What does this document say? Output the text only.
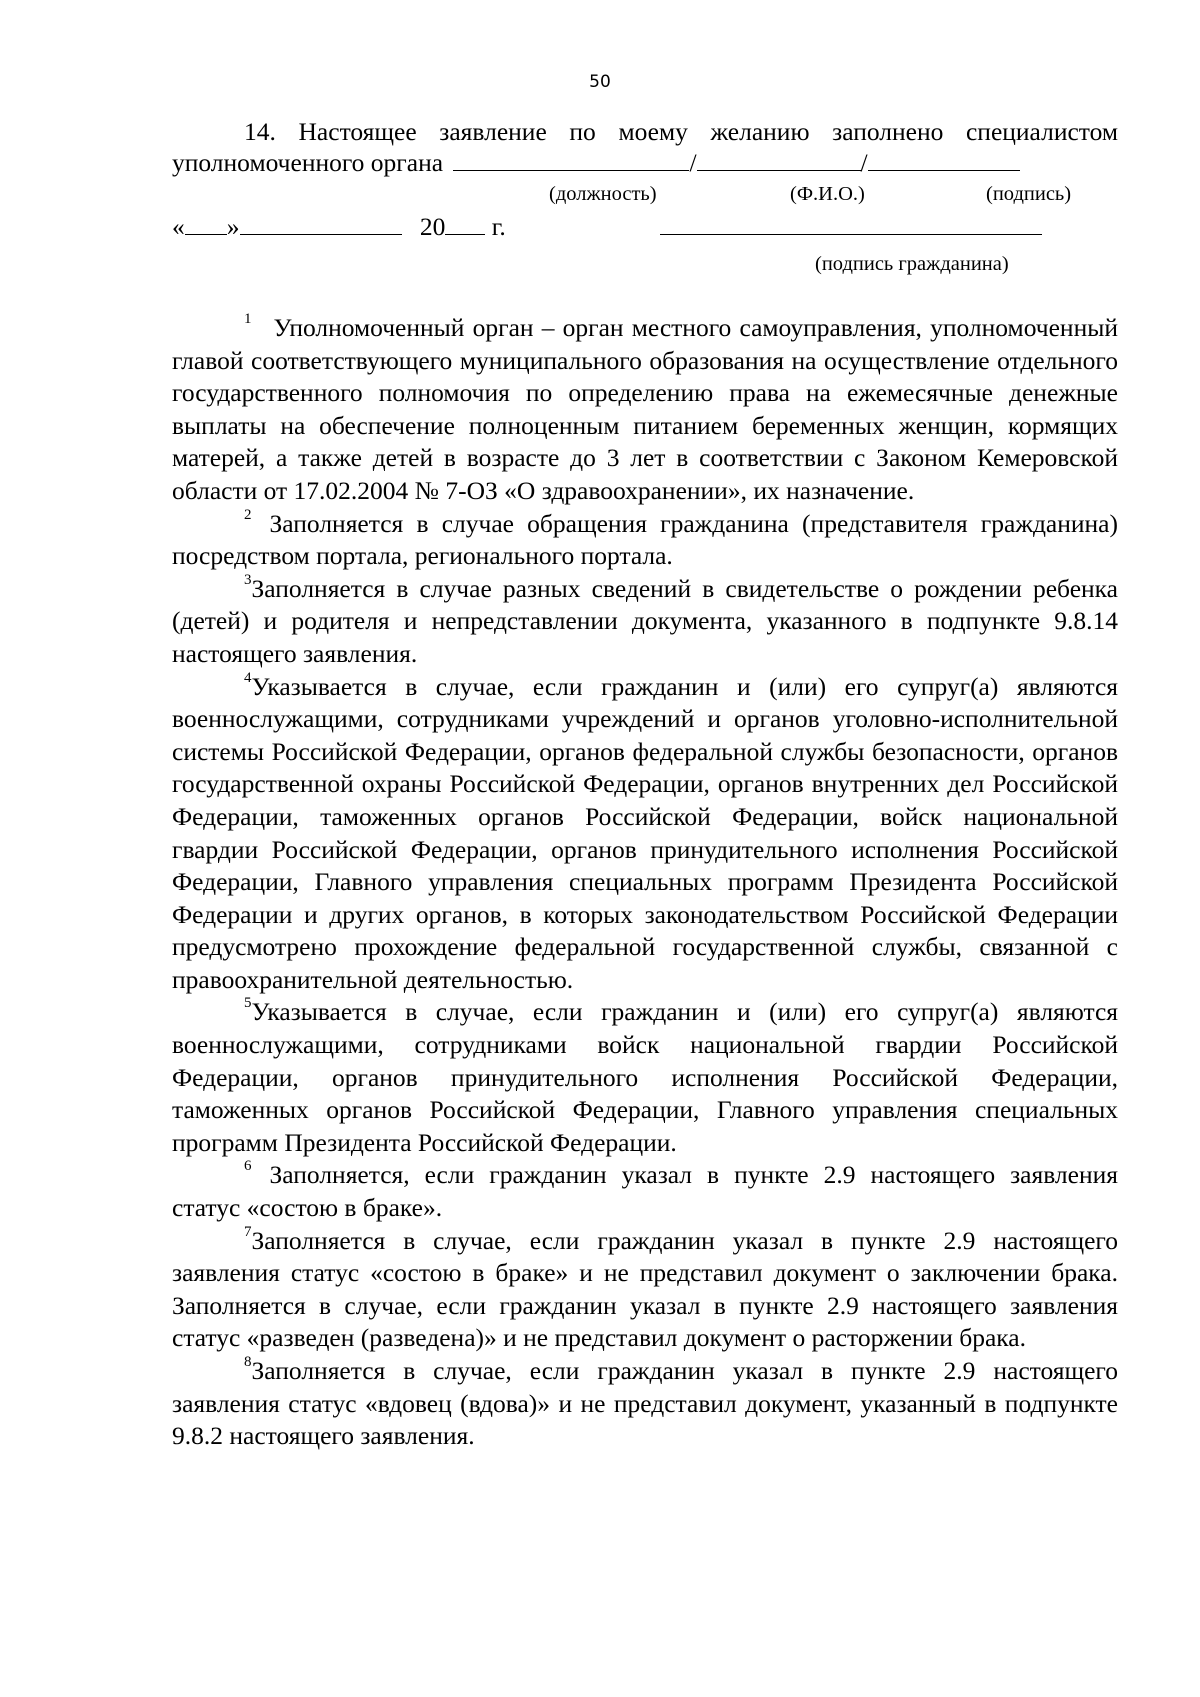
50
14. Настоящее заявление по моему желанию заполнено специалистом
уполномоченного органа	/	/
(должность)	(Ф.И.О.)	(подпись)
« »	20 г.
(подпись гражданина)

$^1$ Уполномоченный орган – орган местного самоуправления, уполномоченный главой соответствующего муниципального образования на осуществление отдельного государственного полномочия по определению права на ежемесячные денежные выплаты на обеспечение полноценным питанием беременных женщин, кормящих матерей, а также детей в возрасте до 3 лет в соответствии с Законом Кемеровской области от 17.02.2004 № 7-ОЗ «О здравоохранении», их назначение.

$^2$ Заполняется в случае обращения гражданина (представителя гражданина) посредством портала, регионального портала.

$^3$Заполняется в случае разных сведений в свидетельстве о рождении ребенка (детей) и родителя и непредставлении документа, указанного в подпункте 9.8.14 настоящего заявления.

$^4$Указывается в случае, если гражданин и (или) его супруг(а) являются военнослужащими, сотрудниками учреждений и органов уголовно-исполнительной системы Российской Федерации, органов федеральной службы безопасности, органов государственной охраны Российской Федерации, органов внутренних дел Российской Федерации, таможенных органов Российской Федерации, войск национальной гвардии Российской Федерации, органов принудительного исполнения Российской Федерации, Главного управления специальных программ Президента Российской Федерации и других органов, в которых законодательством Российской Федерации предусмотрено прохождение федеральной государственной службы, связанной с правоохранительной деятельностью.

$^5$Указывается в случае, если гражданин и (или) его супруг(а) являются военнослужащими, сотрудниками войск национальной гвардии Российской Федерации, органов принудительного исполнения Российской Федерации, таможенных органов Российской Федерации, Главного управления специальных программ Президента Российской Федерации.

$^6$ Заполняется, если гражданин указал в пункте 2.9 настоящего заявления статус «состою в браке».

$^7$Заполняется в случае, если гражданин указал в пункте 2.9 настоящего заявления статус «состою в браке» и не представил документ о заключении брака. Заполняется в случае, если гражданин указал в пункте 2.9 настоящего заявления статус «разведен (разведена)» и не представил документ о расторжении брака.

$^8$Заполняется в случае, если гражданин указал в пункте 2.9 настоящего заявления статус «вдовец (вдова)» и не представил документ, указанный в подпункте 9.8.2 настоящего заявления.
